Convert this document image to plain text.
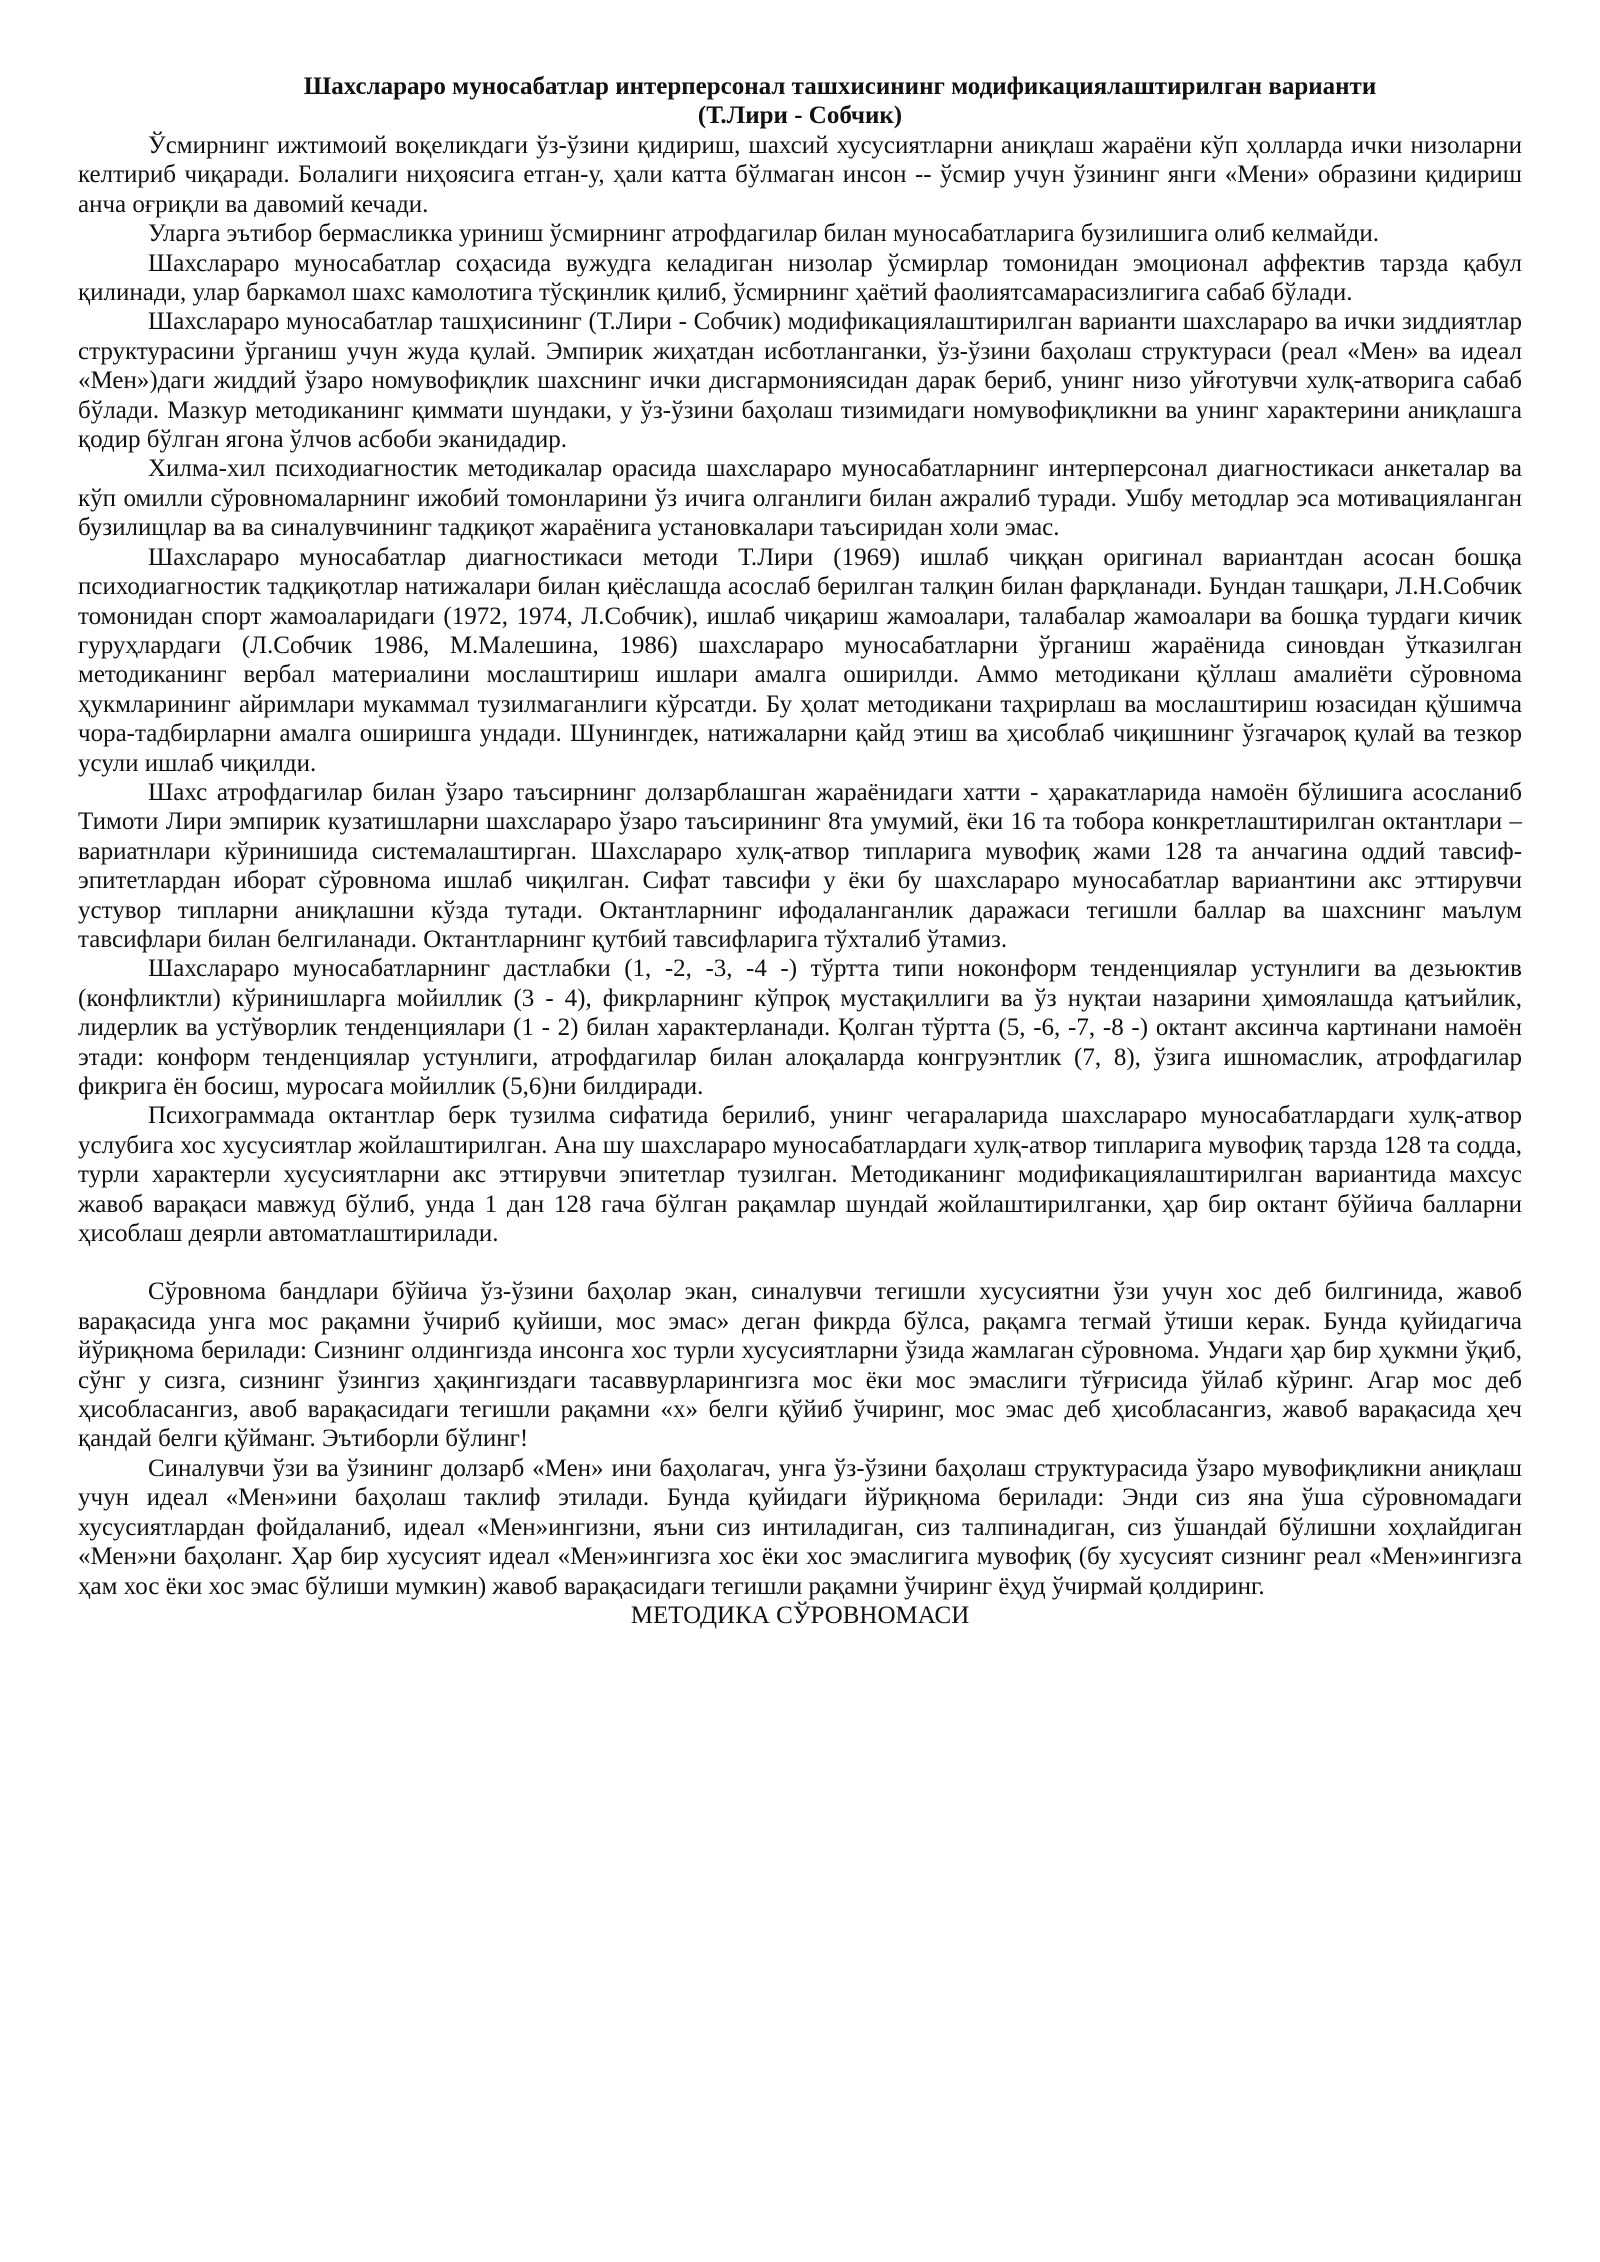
Шахслараро муносабатлар интерперсонал ташхисининг модификациялаштирилган варианти
(Т.Лири - Собчик)

Ўсмирнинг ижтимоий воқеликдаги ўз-ўзини қидириш, шахсий хусусиятларни аниқлаш жараёни кўп ҳолларда ички низоларни келтириб чиқаради. Болалиги ниҳоясига етган-у, ҳали катта бўлмаган инсон -- ўсмир учун ўзининг янги «Мени» образини қидириш анча оғриқли ва давомий кечади.

Уларга эътибор бермасликка уриниш ўсмирнинг атрофдагилар билан муносабатларига бузилишига олиб келмайди.

Шахслараро муносабатлар соҳасида вужудга келадиган низолар ўсмирлар томонидан эмоционал аффектив тарзда қабул қилинади, улар баркамол шахс камолотига тўсқинлик қилиб, ўсмирнинг ҳаётий фаолиятсамарасизлигига сабаб бўлади.

Шахслараро муносабатлар ташҳисининг (Т.Лири - Собчик) модификациялаштирилган варианти шахслараро ва ички зиддиятлар структурасини ўрганиш учун жуда қулай. Эмпирик жиҳатдан исботланганки, ўз-ўзини баҳолаш структураси (реал «Мен» ва идеал «Мен»)даги жиддий ўзаро номувофиқлик шахснинг ички дисгармониясидан дарак бериб, унинг низо уйғотувчи хулқ-атворига сабаб бўлади. Мазкур методиканинг қиммати шундаки, у ўз-ўзини баҳолаш тизимидаги номувофиқликни ва унинг характерини аниқлашга қодир бўлган ягона ўлчов асбоби эканидадир.

Хилма-хил психодиагностик методикалар орасида шахслараро муносабатларнинг интерперсонал диагностикаси анкеталар ва кўп омилли сўровномаларнинг ижобий томонларини ўз ичига олганлиги билан ажралиб туради. Ушбу методлар эса мотивацияланган бузилищлар ва ва синалувчининг тадқиқот жараёнига установкалари таъсиридан холи эмас.

Шахслараро муносабатлар диагностикаси методи Т.Лири (1969) ишлаб чиққан оригинал вариантдан асосан бошқа психодиагностик тадқиқотлар натижалари билан қиёслашда асослаб берилган талқин билан фарқланади. Бундан ташқари, Л.Н.Собчик томонидан спорт жамоаларидаги (1972, 1974, Л.Собчик), ишлаб чиқариш жамоалари, талабалар жамоалари ва бошқа турдаги кичик гуруҳлардаги (Л.Собчик 1986, М.Малешина, 1986) шахслараро муносабатларни ўрганиш жараёнида синовдан ўтказилган методиканинг вербал материалини мослаштириш ишлари амалга оширилди. Аммо методикани қўллаш амалиёти сўровнома ҳукмларининг айримлари мукаммал тузилмаганлиги кўрсатди. Бу ҳолат методикани таҳрирлаш ва мослаштириш юзасидан қўшимча чора-тадбирларни амалга оширишга ундади. Шунингдек, натижаларни қайд этиш ва ҳисоблаб чиқишнинг ўзгачароқ қулай ва тезкор усули ишлаб чиқилди.

Шахс атрофдагилар билан ўзаро таъсирнинг долзарблашган жараёнидаги хатти - ҳаракатларида намоён бўлишига асосланиб Тимоти Лири эмпирик кузатишларни шахслараро ўзаро таъсирининг 8та умумий, ёки 16 та тобора конкретлаштирилган октантлари – вариатнлари кўринишида системалаштирган. Шахслараро хулқ-атвор типларига мувофиқ жами 128 та анчагина оддий тавсиф-эпитетлардан иборат сўровнома ишлаб чиқилган. Сифат тавсифи у ёки бу шахслараро муносабатлар вариантини акс эттирувчи устувор типларни аниқлашни кўзда тутади. Октантларнинг ифодаланганлик даражаси тегишли баллар ва шахснинг маълум тавсифлари билан белгиланади. Октантларнинг қутбий тавсифларига тўхталиб ўтамиз.

Шахслараро муносабатларнинг дастлабки (1, -2, -3, -4 -) тўртта типи ноконформ тенденциялар устунлиги ва дезьюктив (конфликтли) кўринишларга мойиллик (3 - 4), фикрларнинг кўпроқ мустақиллиги ва ўз нуқтаи назарини ҳимоялашда қатъийлик, лидерлик ва устўворлик тенденциялари (1 - 2) билан характерланади. Қолган тўртта (5, -6, -7, -8 -) октант аксинча картинани намоён этади: конформ тенденциялар устунлиги, атрофдагилар билан алоқаларда конгруэнтлик (7, 8), ўзига ишномаслик, атрофдагилар фикрига ён босиш, муросага мойиллик (5,6)ни билдиради.

Психограммада октантлар берк тузилма сифатида берилиб, унинг чегараларида шахслараро муносабатлардаги хулқ-атвор услубига хос хусусиятлар жойлаштирилган. Ана шу шахслараро муносабатлардаги хулқ-атвор типларига мувофиқ тарзда 128 та содда, турли характерли хусусиятларни акс эттирувчи эпитетлар тузилган. Методиканинг модификациялаштирилган вариантида махсус жавоб варақаси мавжуд бўлиб, унда 1 дан 128 гача бўлган рақамлар шундай жойлаштирилганки, ҳар бир октант бўйича балларни ҳисоблаш деярли автоматлаштирилади.

Сўровнома бандлари бўйича ўз-ўзини баҳолар экан, синалувчи тегишли хусусиятни ўзи учун хос деб билгинида, жавоб варақасида унга мос рақамни ўчириб қуйиши, мос эмас» деган фикрда бўлса, рақамга тегмай ўтиши керак. Бунда қуйидагича йўриқнома берилади: Сизнинг олдингизда инсонга хос турли хусусиятларни ўзида жамлаган сўровнома. Ундаги ҳар бир ҳукмни ўқиб, сўнг у сизга, сизнинг ўзингиз ҳақингиздаги тасаввурларингизга мос ёки мос эмаслиги тўғрисида ўйлаб кўринг. Агар мос деб ҳисобласангиз, авоб варақасидаги тегишли рақамни «х» белги қўйиб ўчиринг, мос эмас деб ҳисобласангиз, жавоб варақасида ҳеч қандай белги қўйманг. Эътиборли бўлинг!

Синалувчи ўзи ва ўзининг долзарб «Мен» ини баҳолагач, унга ўз-ўзини баҳолаш структурасида ўзаро мувофиқликни аниқлаш учун идеал «Мен»ини баҳолаш таклиф этилади. Бунда қуйидаги йўриқнома берилади: Энди сиз яна ўша сўровномадаги хусусиятлардан фойдаланиб, идеал «Мен»ингизни, яъни сиз интиладиган, сиз талпинадиган, сиз ўшандай бўлишни хоҳлайдиган «Мен»ни баҳоланг. Ҳар бир хусусият идеал «Мен»ингизга хос ёки хос эмаслигига мувофиқ (бу хусусият сизнинг реал «Мен»ингизга ҳам хос ёки хос эмас бўлиши мумкин) жавоб варақасидаги тегишли рақамни ўчиринг ёҳуд ўчирмай қолдиринг.

МЕТОДИКА СЎРОВНОМАСИ
